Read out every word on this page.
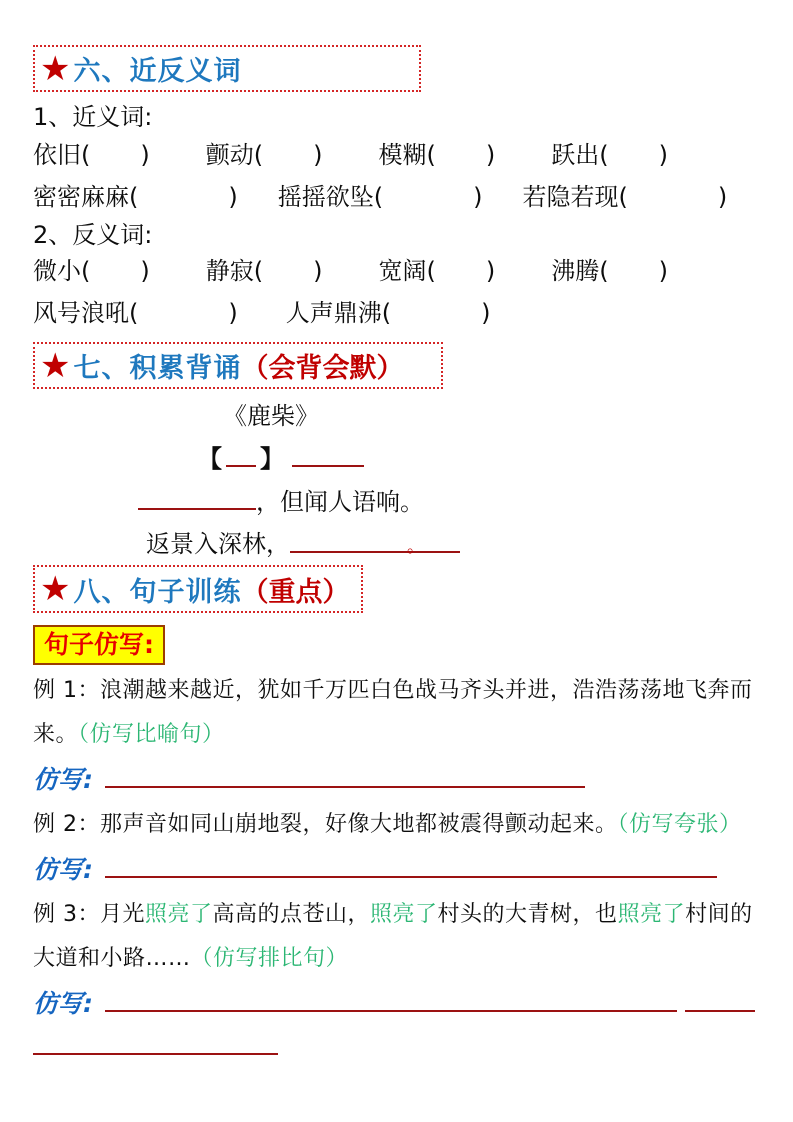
★ 六、近反义词
1、近义词:
依旧 ( ) 颤动 ( ) 模糊 ( ) 跃出 ( )
密密麻麻 (	) 摇摇欲坠 (	) 若隐若现 (	)
2、反义词:
微小 ( ) 静寂 ( ) 宽阔 ( ) 沸腾 ( )
风号浪吼 (	) 人声鼎沸 (	)
★ 七、积累背诵 （会背会默）
《鹿柴》
【 】
，但闻人语响。
返景入深林，	。
★ 八、句子训练 （重点）
句子仿写:
例 1：浪潮越来越近，犹如千万匹白色战马齐头并进，浩浩荡荡地飞奔而来。（仿写比喻句）
仿写:
例 2：那声音如同山崩地裂，好像大地都被震得颤动起来。（仿写夸张）
仿写:
例 3：月光照亮了高高的点苍山，照亮了村头的大青树，也照亮了村间的大道和小路……（仿写排比句）
仿写:
